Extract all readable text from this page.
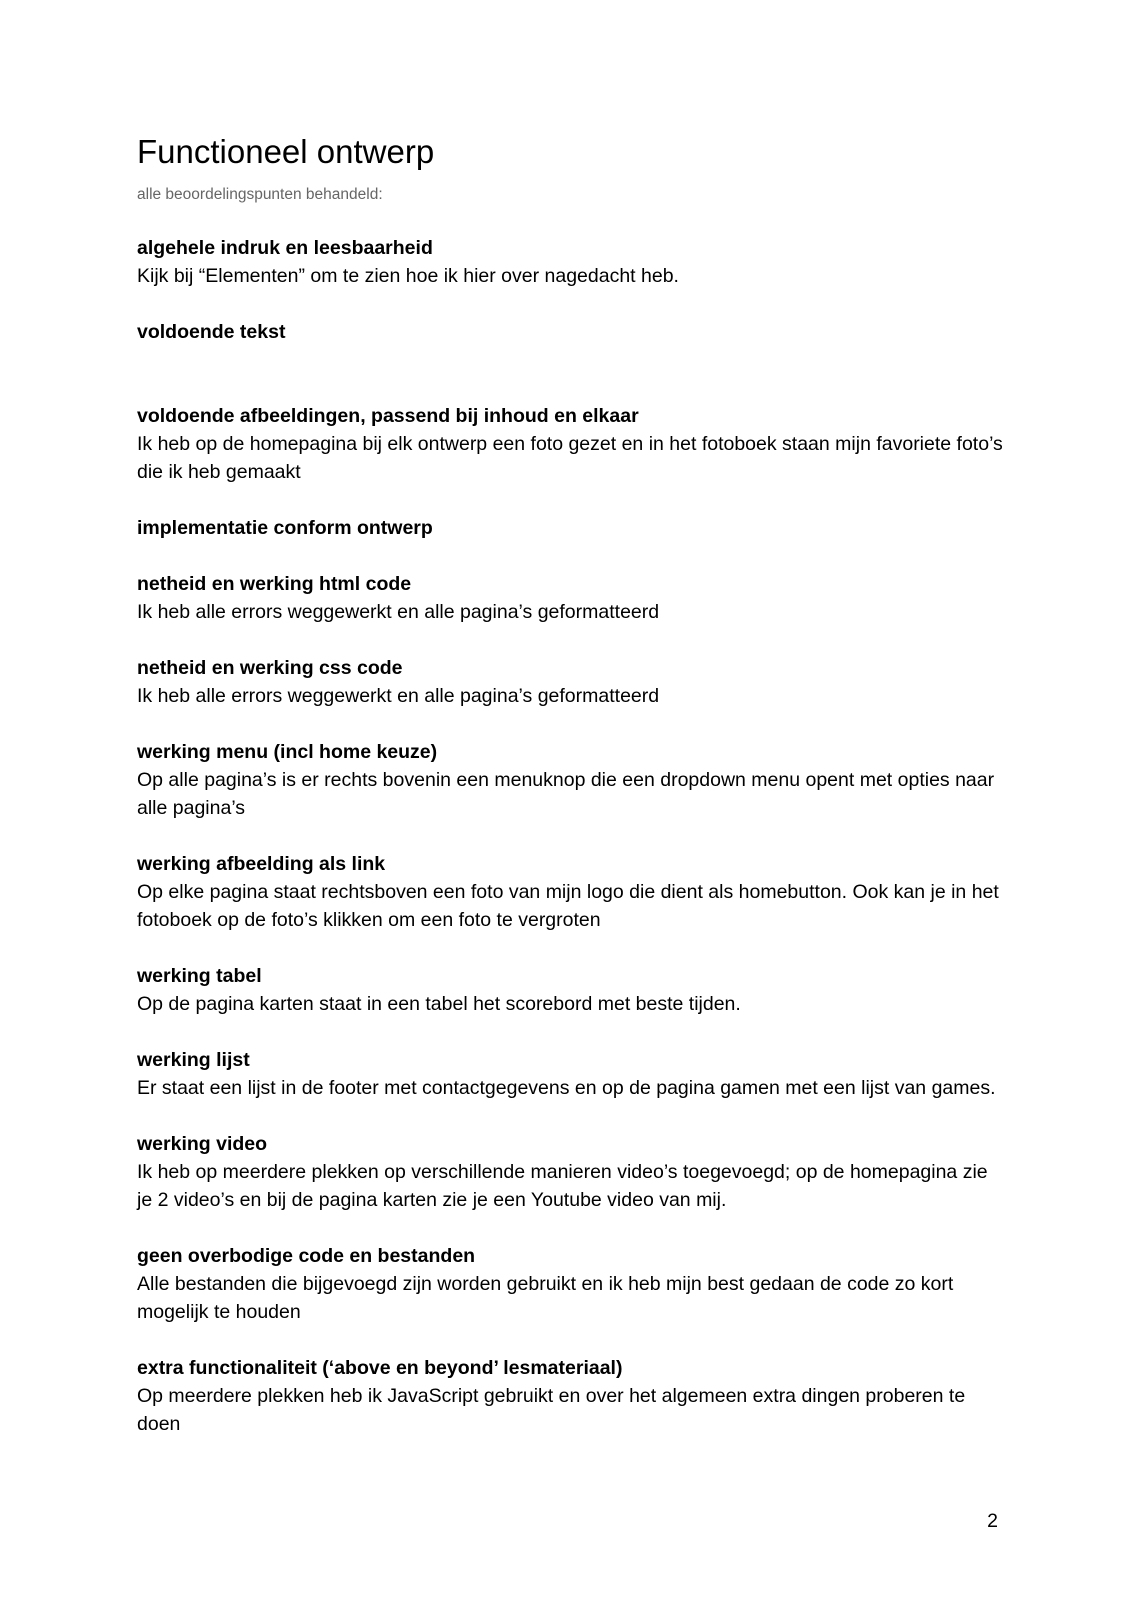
Functioneel ontwerp
alle beoordelingspunten behandeld:
algehele indruk en leesbaarheid
Kijk bij “Elementen” om te zien hoe ik hier over nagedacht heb.
voldoende tekst
voldoende afbeeldingen, passend bij inhoud en elkaar
Ik heb op de homepagina bij elk ontwerp een foto gezet en in het fotoboek staan mijn favoriete foto’s die ik heb gemaakt
implementatie conform ontwerp
netheid en werking html code
Ik heb alle errors weggewerkt en alle pagina’s geformatteerd
netheid en werking css code
Ik heb alle errors weggewerkt en alle pagina’s geformatteerd
werking menu (incl home keuze)
Op alle pagina’s is er rechts bovenin een menuknop die een dropdown menu opent met opties naar alle pagina’s
werking afbeelding als link
Op elke pagina staat rechtsboven een foto van mijn logo die dient als homebutton. Ook kan je in het fotoboek op de foto’s klikken om een foto te vergroten
werking tabel
Op de pagina karten staat in een tabel het scorebord met beste tijden.
werking lijst
Er staat een lijst in de footer met contactgegevens en op de pagina gamen met een lijst van games.
werking video
Ik heb op meerdere plekken op verschillende manieren video’s toegevoegd; op de homepagina zie je 2 video’s en bij de pagina karten zie je een Youtube video van mij.
geen overbodige code en bestanden
Alle bestanden die bijgevoegd zijn worden gebruikt en ik heb mijn best gedaan de code zo kort mogelijk te houden
extra functionaliteit (‘above en beyond’ lesmateriaal)
Op meerdere plekken heb ik JavaScript gebruikt en over het algemeen extra dingen proberen te doen
2
